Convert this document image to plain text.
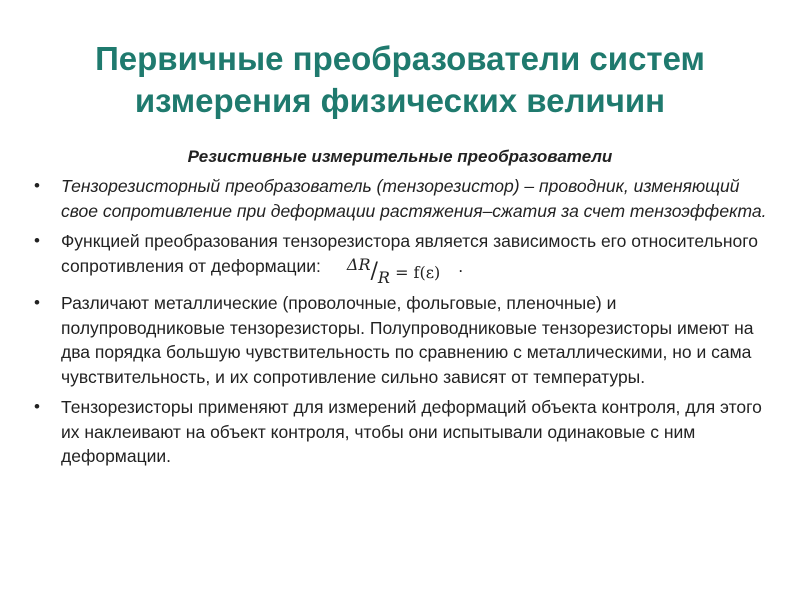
Первичные преобразователи систем
измерения физических величин
Резистивные измерительные преобразователи
• Тензорезисторный преобразователь (тензорезистор) – проводник, изменяющий свое сопротивление при деформации растяжения–сжатия за счет тензоэффекта.
• Функцией преобразования тензорезистора является зависимость его относительного сопротивления от деформации: ΔR/R = f(ε) .
• Различают металлические (проволочные, фольговые, пленочные) и полупроводниковые тензорезисторы. Полупроводниковые тензорезисторы имеют на два порядка большую чувствительность по сравнению с металлическими, но и сама чувствительность, и их сопротивление сильно зависят от температуры.
• Тензорезисторы применяют для измерений деформаций объекта контроля, для этого их наклеивают на объект контроля, чтобы они испытывали одинаковые с ним деформации.
